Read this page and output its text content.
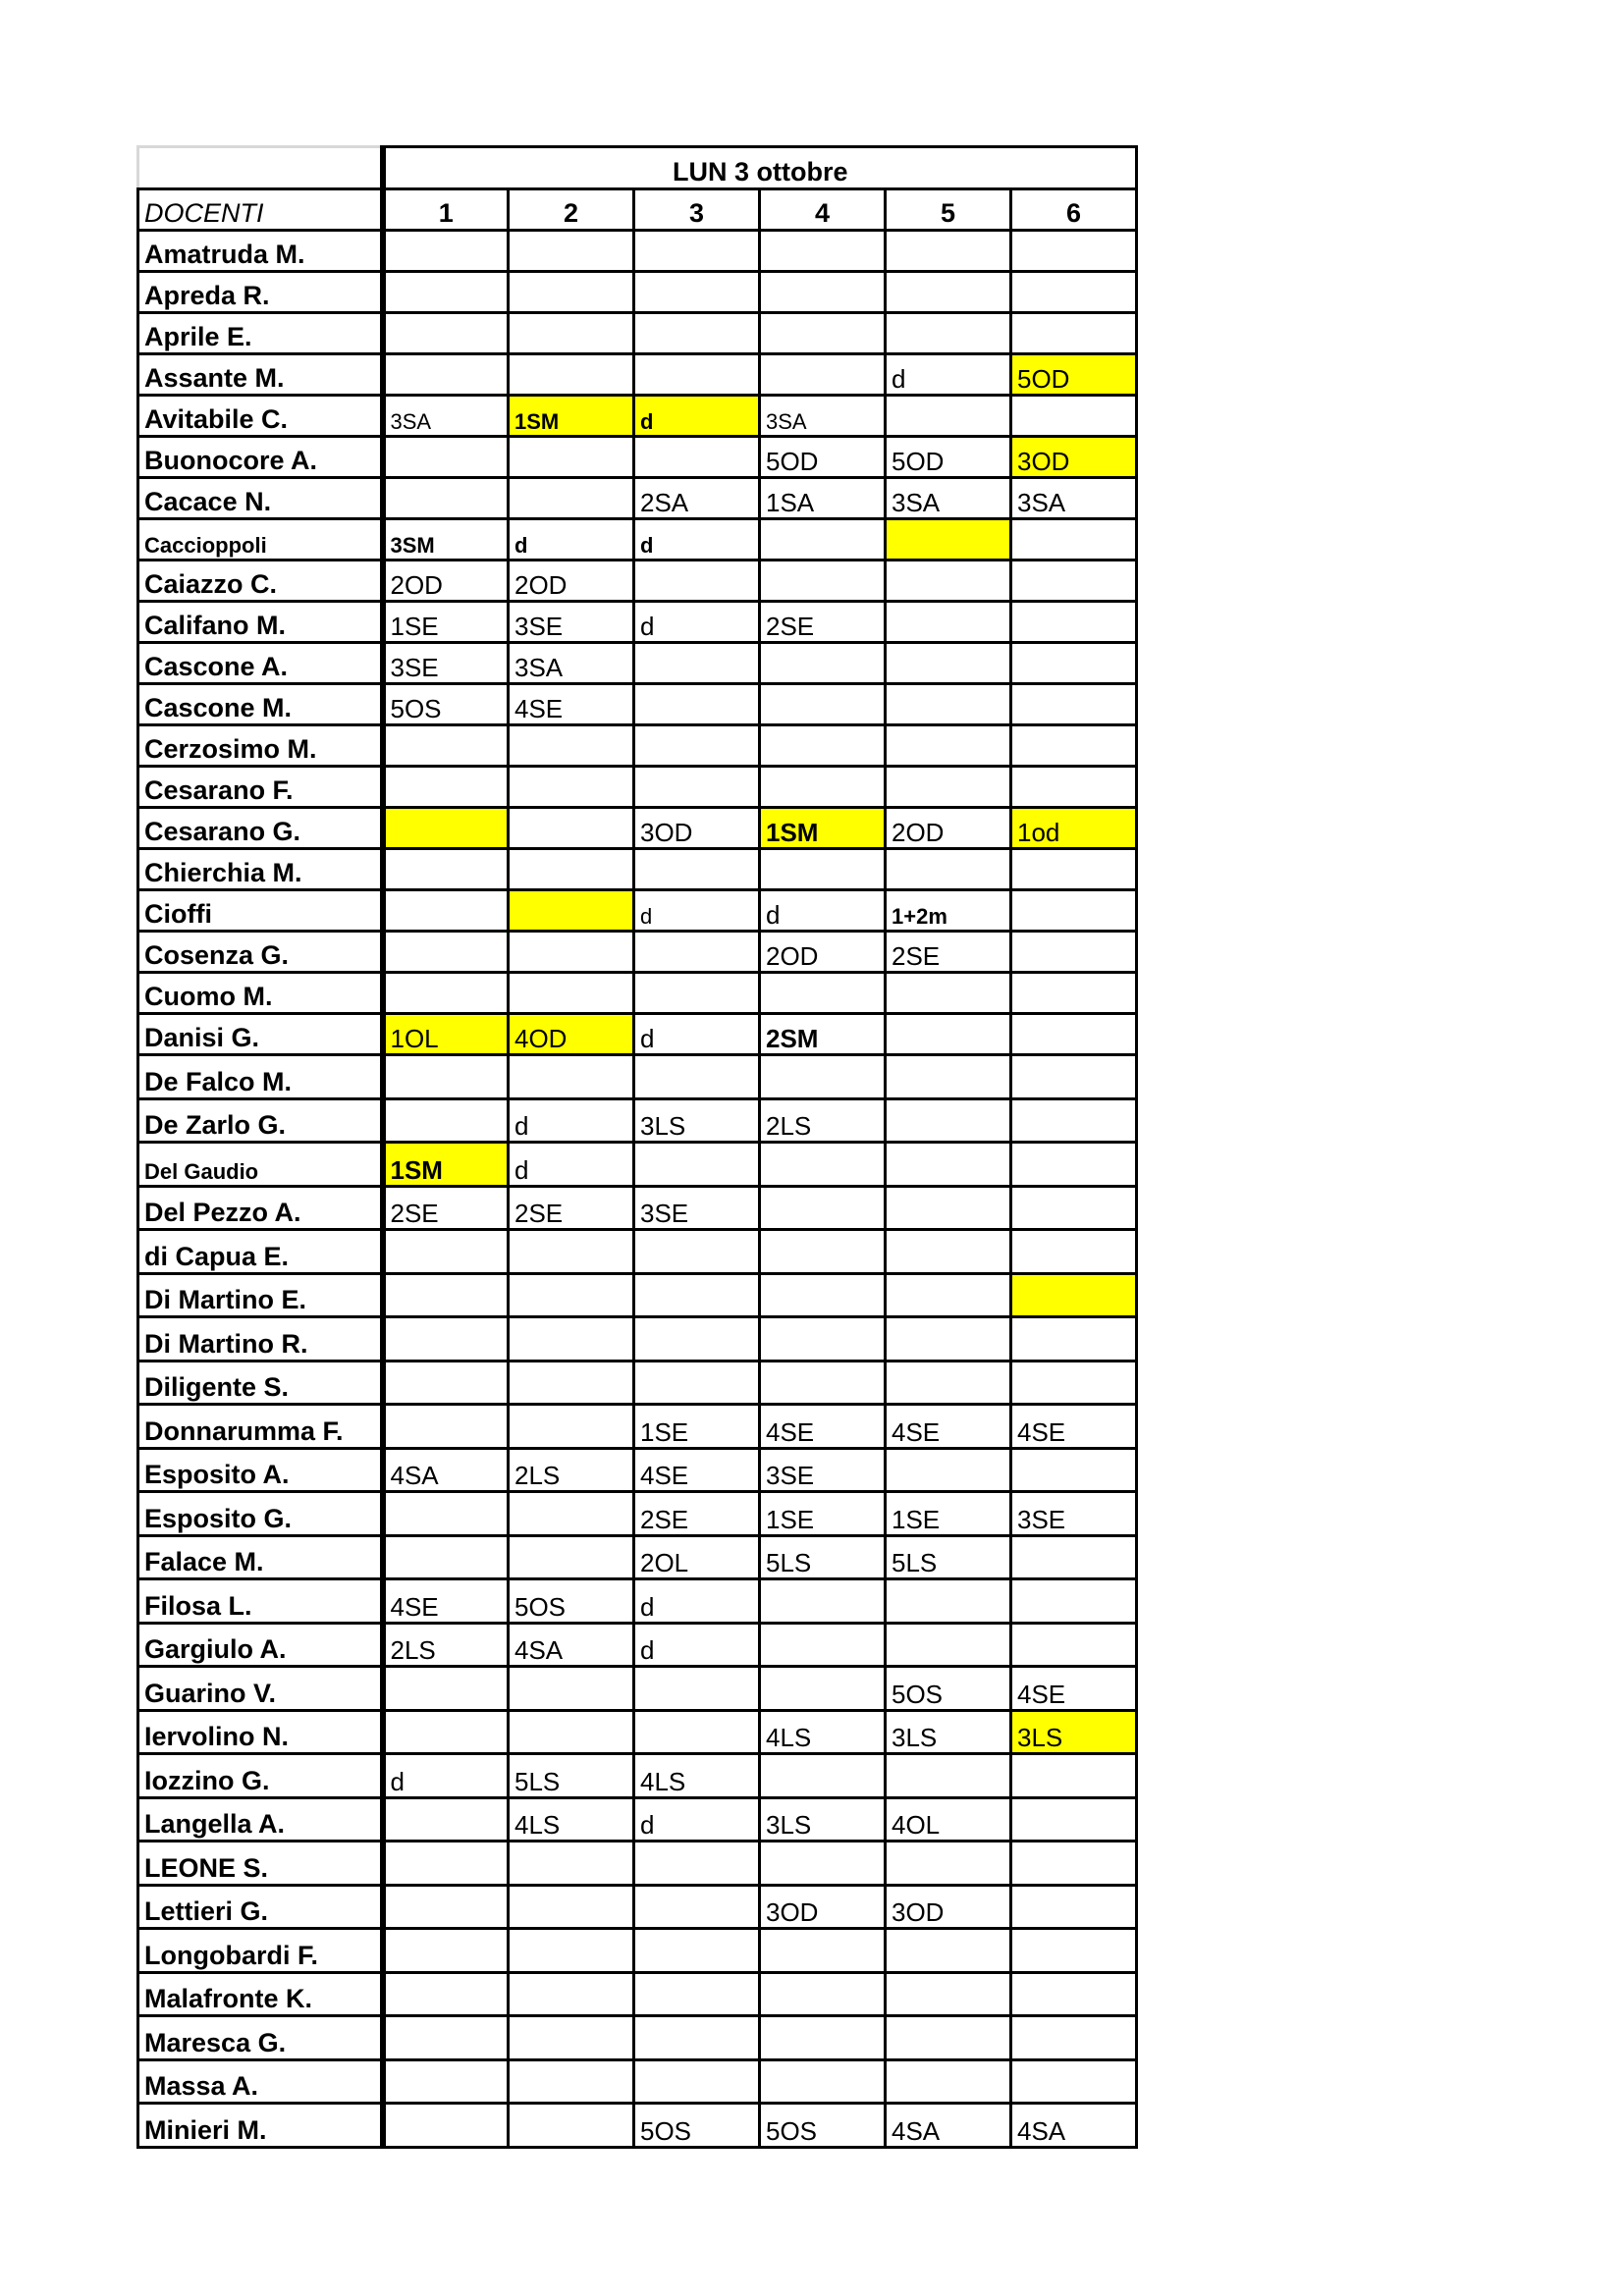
	LUN 3 ottobre					
DOCENTI	1	2	3	4	5	6
Amatruda M.						
Apreda R.						
Aprile E.						
Assante M.					d	5OD
Avitabile C.	3SA	1SM	d	3SA		
Buonocore A.				5OD	5OD	3OD
Cacace N.			2SA	1SA	3SA	3SA
Caccioppoli	3SM	d	d			
Caiazzo C.	2OD	2OD				
Califano M.	1SE	3SE	d	2SE		
Cascone A.	3SE	3SA				
Cascone M.	5OS	4SE				
Cerzosimo M.						
Cesarano F.						
Cesarano G.			3OD	1SM	2OD	1od
Chierchia M.						
Cioffi			d	d	1+2m	
Cosenza G.				2OD	2SE	
Cuomo M.						
Danisi G.	1OL	4OD	d	2SM		
De Falco M.						
De Zarlo G.		d	3LS	2LS		
Del Gaudio	1SM	d				
Del Pezzo A.	2SE	2SE	3SE			
di Capua E.						
Di Martino E.						
Di Martino R.						
Diligente S.						
Donnarumma F.			1SE	4SE	4SE	4SE
Esposito A.	4SA	2LS	4SE	3SE		
Esposito G.			2SE	1SE	1SE	3SE
Falace M.			2OL	5LS	5LS	
Filosa L.	4SE	5OS	d			
Gargiulo A.	2LS	4SA	d			
Guarino V.					5OS	4SE
Iervolino N.				4LS	3LS	3LS
Iozzino G.	d	5LS	4LS			
Langella A.		4LS	d	3LS	4OL	
LEONE S.						
Lettieri G.				3OD	3OD	
Longobardi F.						
Malafronte K.						
Maresca G.						
Massa A.						
Minieri M.			5OS	5OS	4SA	4SA
